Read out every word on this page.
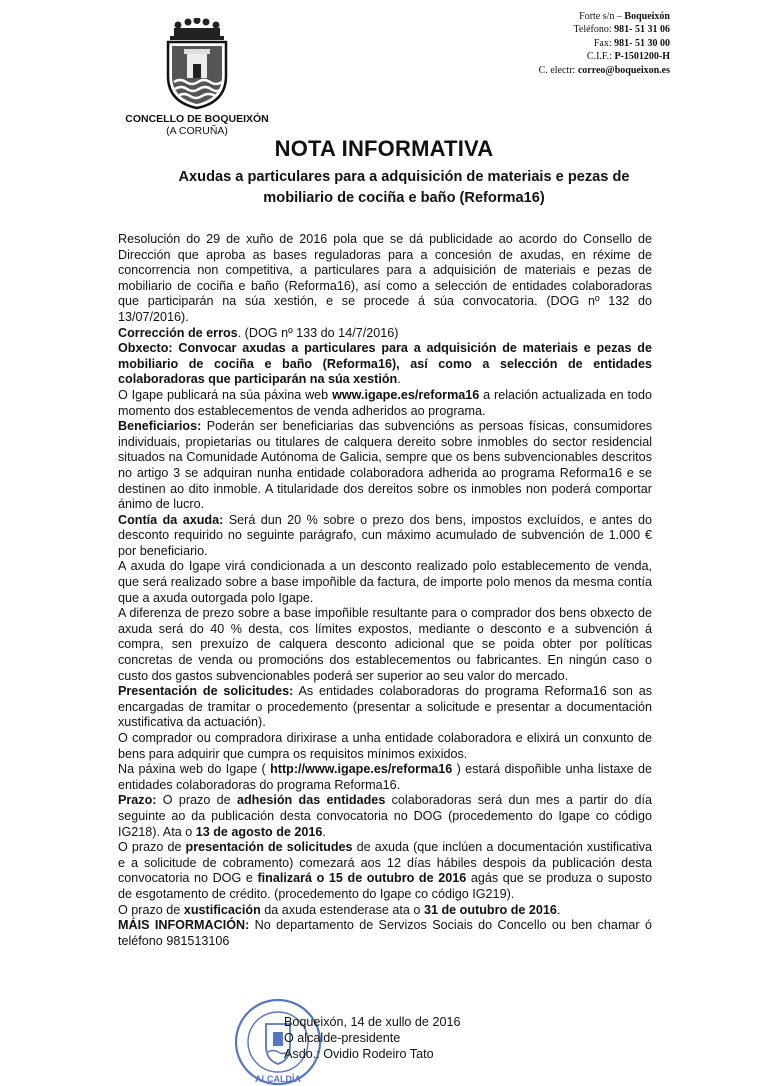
CONCELLO DE BOQUEIXÓN
(A CORUÑA)
Forte s/n – Boqueixón
Teléfono: 981- 51 31 06
Fax: 981- 51 30 00
C.I.F.: P-1501200-H
C. electr: correo@boqueixon.es
NOTA INFORMATIVA
Axudas a particulares para a adquisición de materiais e pezas de mobiliario de cociña e baño (Reforma16)

Resolución do 29 de xuño de 2016 pola que se dá publicidade ao acordo do Consello de Dirección que aproba as bases reguladoras para a concesión de axudas, en réxime de concorrencia non competitiva, a particulares para a adquisición de materiais e pezas de mobiliario de cociña e baño (Reforma16), así como a selección de entidades colaboradoras que participarán na súa xestión, e se procede á súa convocatoria. (DOG nº 132 do 13/07/2016).

Corrección de erros. (DOG nº 133 do 14/7/2016)

Obxecto: Convocar axudas a particulares para a adquisición de materiais e pezas de mobiliario de cociña e baño (Reforma16), así como a selección de entidades colaboradoras que participarán na súa xestión.

O Igape publicará na súa páxina web www.igape.es/reforma16 a relación actualizada en todo momento dos establecementos de venda adheridos ao programa.

Beneficiarios: Poderán ser beneficiarias das subvencións as persoas físicas, consumidores individuais, propietarias ou titulares de calquera dereito sobre inmobles do sector residencial situados na Comunidade Autónoma de Galicia, sempre que os bens subvencionables descritos no artigo 3 se adquiran nunha entidade colaboradora adherida ao programa Reforma16 e se destinen ao dito inmoble. A titularidade dos dereitos sobre os inmobles non poderá comportar ánimo de lucro.

Contía da axuda: Será dun 20 % sobre o prezo dos bens, impostos excluídos, e antes do desconto requirido no seguinte parágrafo, cun máximo acumulado de subvención de 1.000 € por beneficiario.

A axuda do Igape virá condicionada a un desconto realizado polo establecemento de venda, que será realizado sobre a base impoñible da factura, de importe polo menos da mesma contía que a axuda outorgada polo Igape.

A diferenza de prezo sobre a base impoñible resultante para o comprador dos bens obxecto de axuda será do 40 % desta, cos límites expostos, mediante o desconto e a subvención á compra, sen prexuízo de calquera desconto adicional que se poida obter por políticas concretas de venda ou promocións dos establecementos ou fabricantes. En ningún caso o custo dos gastos subvencionables poderá ser superior ao seu valor do mercado.

Presentación de solicitudes: As entidades colaboradoras do programa Reforma16 son as encargadas de tramitar o procedemento (presentar a solicitude e presentar a documentación xustificativa da actuación).

O comprador ou compradora dirixirase a unha entidade colaboradora e elixirá un conxunto de bens para adquirir que cumpra os requisitos mínimos exixidos.

Na páxina web do Igape ( http://www.igape.es/reforma16 ) estará dispoñible unha listaxe de entidades colaboradoras do programa Reforma16.

Prazo: O prazo de adhesión das entidades colaboradoras será dun mes a partir do día seguinte ao da publicación desta convocatoria no DOG (procedemento do Igape co código IG218). Ata o 13 de agosto de 2016.

O prazo de presentación de solicitudes de axuda (que inclúen a documentación xustificativa e a solicitude de cobramento) comezará aos 12 días hábiles despois da publicación desta convocatoria no DOG e finalizará o 15 de outubro de 2016 agás que se produza o suposto de esgotamento de crédito. (procedemento do Igape co código IG219).

O prazo de xustificación da axuda estenderase ata o 31 de outubro de 2016.

MÁIS INFORMACIÓN: No departamento de Servizos Sociais do Concello ou ben chamar ó teléfono 981513106

ALCALDÍA
Boqueixón, 14 de xullo de 2016
O alcalde-presidente
Asdo.: Ovidio Rodeiro Tato
